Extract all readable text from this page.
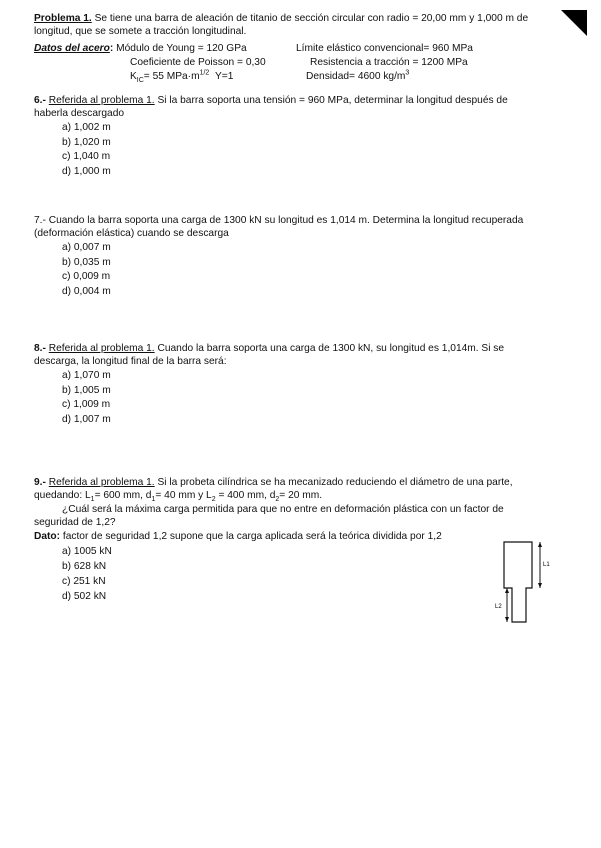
Problema 1. Se tiene una barra de aleación de titanio de sección circular con radio = 20,00 mm y 1,000 m de
longitud, que se somete a tracción longitudinal.
Datos del acero: Módulo de Young = 120 GPa	Límite elástico convencional= 960 MPa
Coeficiente de Poisson = 0,30	Resistencia a tracción = 1200 MPa
$K_{IC}= 55$ $MPa\cdot m^{1/2}$ Y=1	Densidad= 4600 $kg/m^3$
6.- Referida al problema 1. Si la barra soporta una tensión = 960 MPa, determinar la longitud después de
haberla descargado
a) 1,002 m
b) 1,020 m
c) 1,040 m
d) 1,000 m
7.- Cuando la barra soporta una carga de 1300 kN su longitud es 1,014 m. Determina la longitud recuperada
(deformación elástica) cuando se descarga
a) 0,007 m
b) 0,035 m
c) 0,009 m
d) 0,004 m
8.- Referida al problema 1. Cuando la barra soporta una carga de 1300 kN, su longitud es 1,014m. Si se
descarga, la longitud final de la barra será:
a) 1,070 m
b) 1,005 m
c) 1,009 m
d) 1,007 m
9.- Referida al problema 1. Si la probeta cilíndrica se ha mecanizado reduciendo el diámetro de una parte,
quedando: $L_1= 600$ mm, $d_1= 40$ mm y $L_2 = 400$ mm, $d_2= 20$ mm.
¿Cuál será la máxima carga permitida para que no entre en deformación plástica con un factor de
seguridad de 1,2?
Dato: factor de seguridad 1,2 supone que la carga aplicada será la teórica dividida por 1,2
a) 1005 kN
b) 628 kN
c) 251 kN
d) 502 kN
L1
L2
